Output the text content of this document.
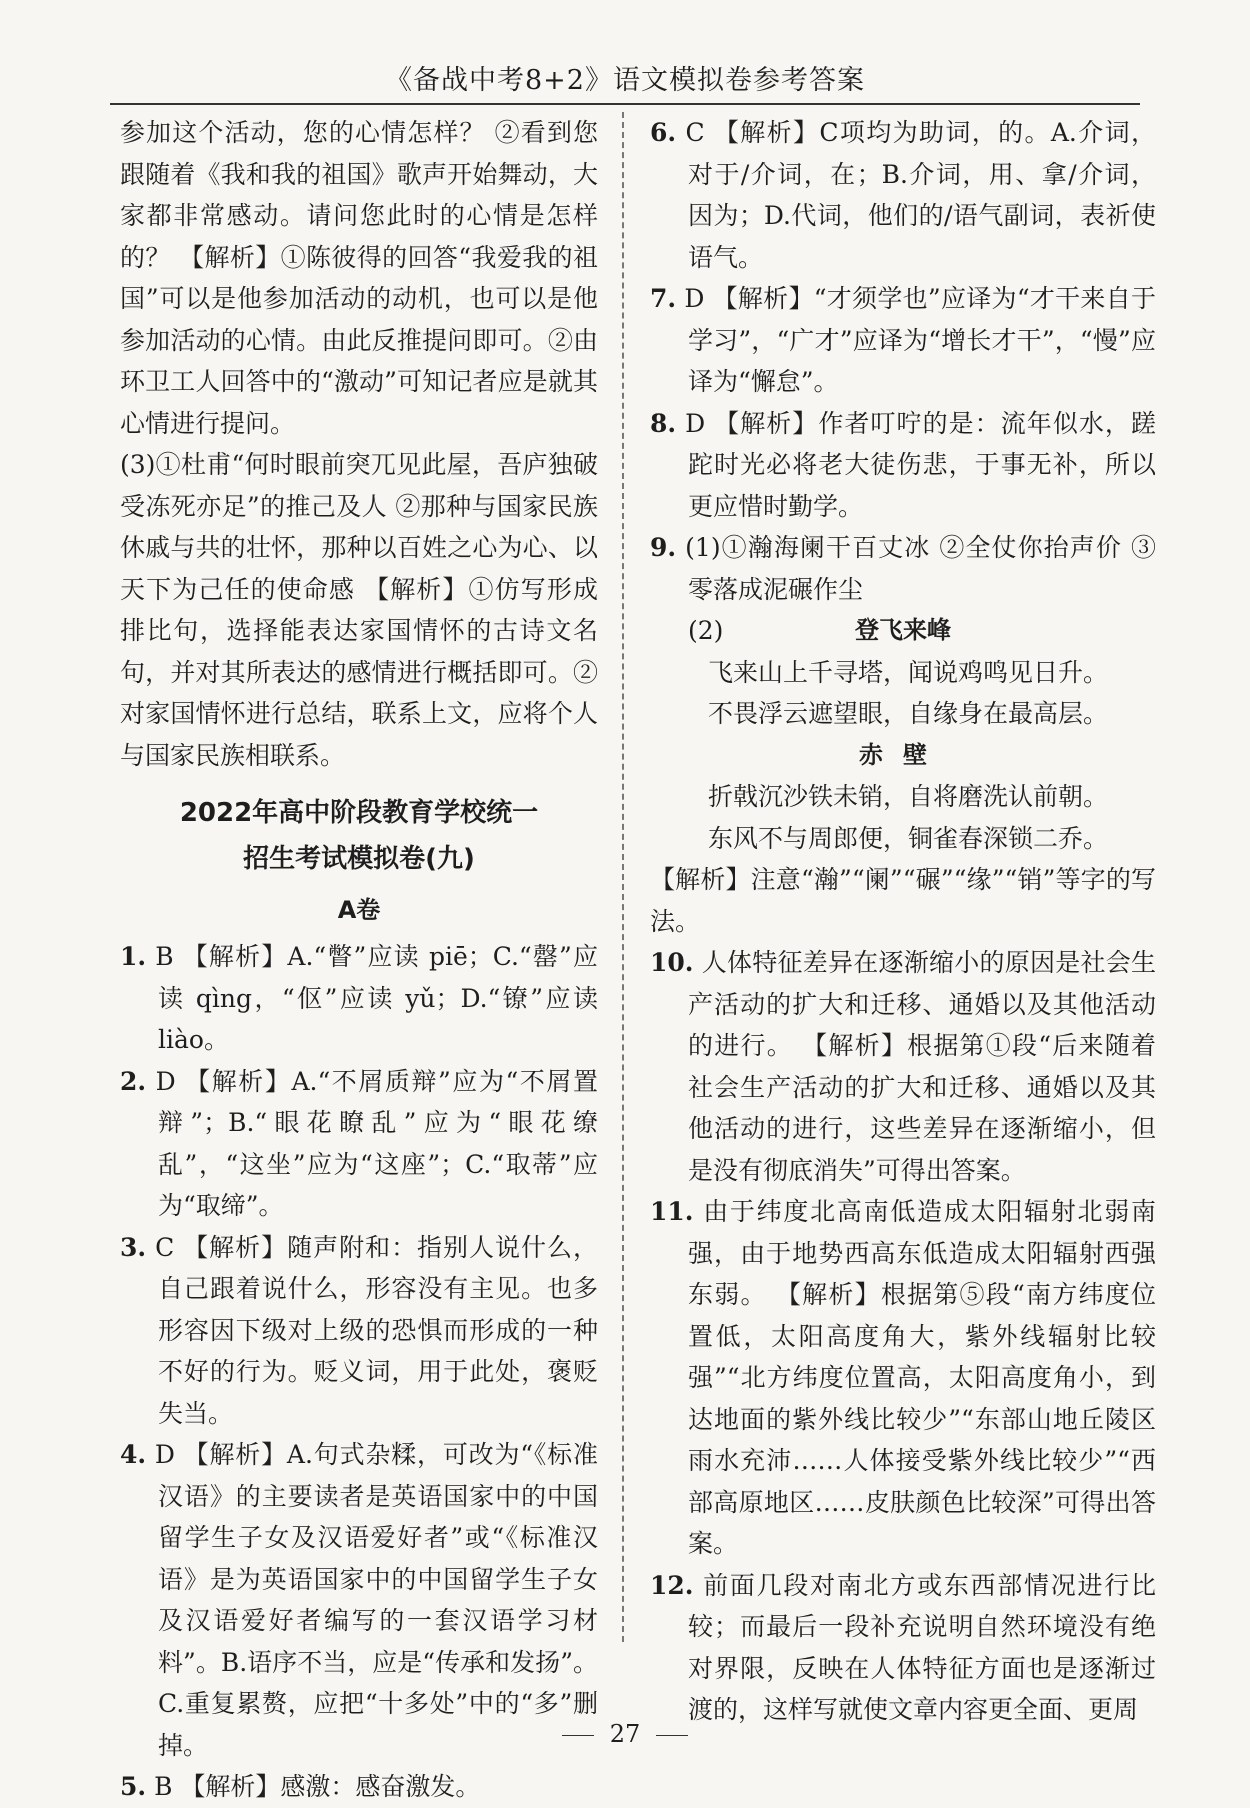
《备战中考8+2》语文模拟卷参考答案

参加这个活动，您的心情怎样？ ②看到您跟随着《我和我的祖国》歌声开始舞动，大家都非常感动。请问您此时的心情是怎样的？ 【解析】①陈彼得的回答“我爱我的祖国”可以是他参加活动的动机，也可以是他参加活动的心情。由此反推提问即可。②由环卫工人回答中的“激动”可知记者应是就其心情进行提问。

(3)①杜甫“何时眼前突兀见此屋，吾庐独破受冻死亦足”的推己及人 ②那种与国家民族休戚与共的壮怀，那种以百姓之心为心、以天下为己任的使命感 【解析】①仿写形成排比句，选择能表达家国情怀的古诗文名句，并对其所表达的感情进行概括即可。②对家国情怀进行总结，联系上文，应将个人与国家民族相联系。

2022年高中阶段教育学校统一
招生考试模拟卷(九)

A卷

1. B 【解析】A.“瞥”应读 piē；C.“罄”应读 qìng，“伛”应读 yǔ；D.“镣”应读 liào。

2. D 【解析】A.“不屑质辩”应为“不屑置辩”；B.“眼花瞭乱”应为“眼花缭乱”，“这坐”应为“这座”；C.“取蒂”应为“取缔”。

3. C 【解析】随声附和：指别人说什么，自己跟着说什么，形容没有主见。也多形容因下级对上级的恐惧而形成的一种不好的行为。贬义词，用于此处，褒贬失当。

4. D 【解析】A.句式杂糅，可改为“《标准汉语》的主要读者是英语国家中的中国留学生子女及汉语爱好者”或“《标准汉语》是为英语国家中的中国留学生子女及汉语爱好者编写的一套汉语学习材料”。B.语序不当，应是“传承和发扬”。C.重复累赘，应把“十多处”中的“多”删掉。

5. B 【解析】感激：感奋激发。

6. C 【解析】C项均为助词，的。A.介词，对于/介词，在；B.介词，用、拿/介词，因为；D.代词，他们的/语气副词，表祈使语气。

7. D 【解析】“才须学也”应译为“才干来自于学习”，“广才”应译为“增长才干”，“慢”应译为“懈怠”。

8. D 【解析】作者叮咛的是：流年似水，蹉跎时光必将老大徒伤悲，于事无补，所以更应惜时勤学。

9. (1)①瀚海阑干百丈冰 ②全仗你抬声价 ③零落成泥碾作尘

(2)	登飞来峰

飞来山上千寻塔，闻说鸡鸣见日升。

不畏浮云遮望眼，自缘身在最高层。

赤壁

折戟沉沙铁未销，自将磨洗认前朝。

东风不与周郎便，铜雀春深锁二乔。

【解析】注意“瀚”“阑”“碾”“缘”“销”等字的写法。

10. 人体特征差异在逐渐缩小的原因是社会生产活动的扩大和迁移、通婚以及其他活动的进行。 【解析】根据第①段“后来随着社会生产活动的扩大和迁移、通婚以及其他活动的进行，这些差异在逐渐缩小，但是没有彻底消失”可得出答案。

11. 由于纬度北高南低造成太阳辐射北弱南强，由于地势西高东低造成太阳辐射西强东弱。 【解析】根据第⑤段“南方纬度位置低，太阳高度角大，紫外线辐射比较强”“北方纬度位置高，太阳高度角小，到达地面的紫外线比较少”“东部山地丘陵区雨水充沛……人体接受紫外线比较少”“西部高原地区……皮肤颜色比较深”可得出答案。

12. 前面几段对南北方或东西部情况进行比较；而最后一段补充说明自然环境没有绝对界限，反映在人体特征方面也是逐渐过渡的，这样写就使文章内容更全面、更周

27
